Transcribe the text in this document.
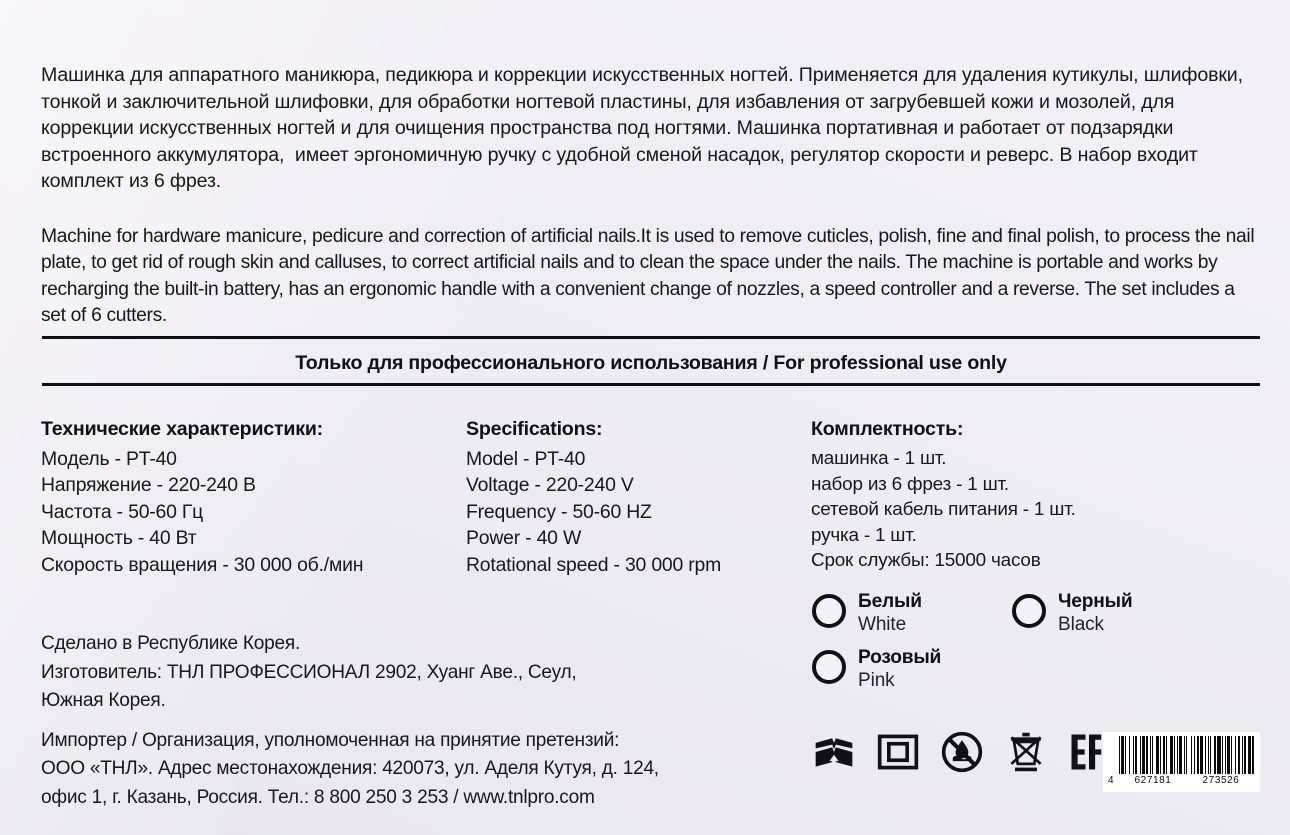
Машинка для аппаратного маникюра, педикюра и коррекции искусственных ногтей. Применяется для удаления кутикулы, шлифовки, тонкой и заключительной шлифовки, для обработки ногтевой пластины, для избавления от загрубевшей кожи и мозолей, для коррекции искусственных ногтей и для очищения пространства под ногтями. Машинка портативная и работает от подзарядки встроенного аккумулятора,  имеет эргономичную ручку с удобной сменой насадок, регулятор скорости и реверс. В набор входит комплект из 6 фрез.

Machine for hardware manicure, pedicure and correction of artificial nails.It is used to remove cuticles, polish, fine and final polish, to process the nail plate, to get rid of rough skin and calluses, to correct artificial nails and to clean the space under the nails. The machine is portable and works by recharging the built-in battery, has an ergonomic handle with a convenient change of nozzles, a speed controller and a reverse. The set includes a set of 6 cutters.

Только для профессионального использования / For professional use only
Технические характеристики:
Модель - PT-40
Напряжение - 220-240 В
Частота - 50-60 Гц
Мощность - 40 Вт
Скорость вращения - 30 000 об./мин
Specifications:
Model - PT-40
Voltage - 220-240 V
Frequency - 50-60 HZ
Power - 40 W
Rotational speed - 30 000 rpm
Комплектность:
машинка - 1 шт.
набор из 6 фрез - 1 шт.
сетевой кабель питания - 1 шт.
ручка - 1 шт.
Срок службы: 15000 часов
Белый
White
Черный
Black
Розовый
Pink
Сделано в Республике Корея.
Изготовитель: ТНЛ ПРОФЕССИОНАЛ 2902, Хуанг Аве., Сеул,
Южная Корея.
Импортер / Организация, уполномоченная на принятие претензий:
ООО «ТНЛ». Адрес местонахождения: 420073, ул. Аделя Кутуя, д. 124,
офис 1, г. Казань, Россия. Тел.: 8 800 250 3 253 / www.tnlpro.com
4	627181	273526
